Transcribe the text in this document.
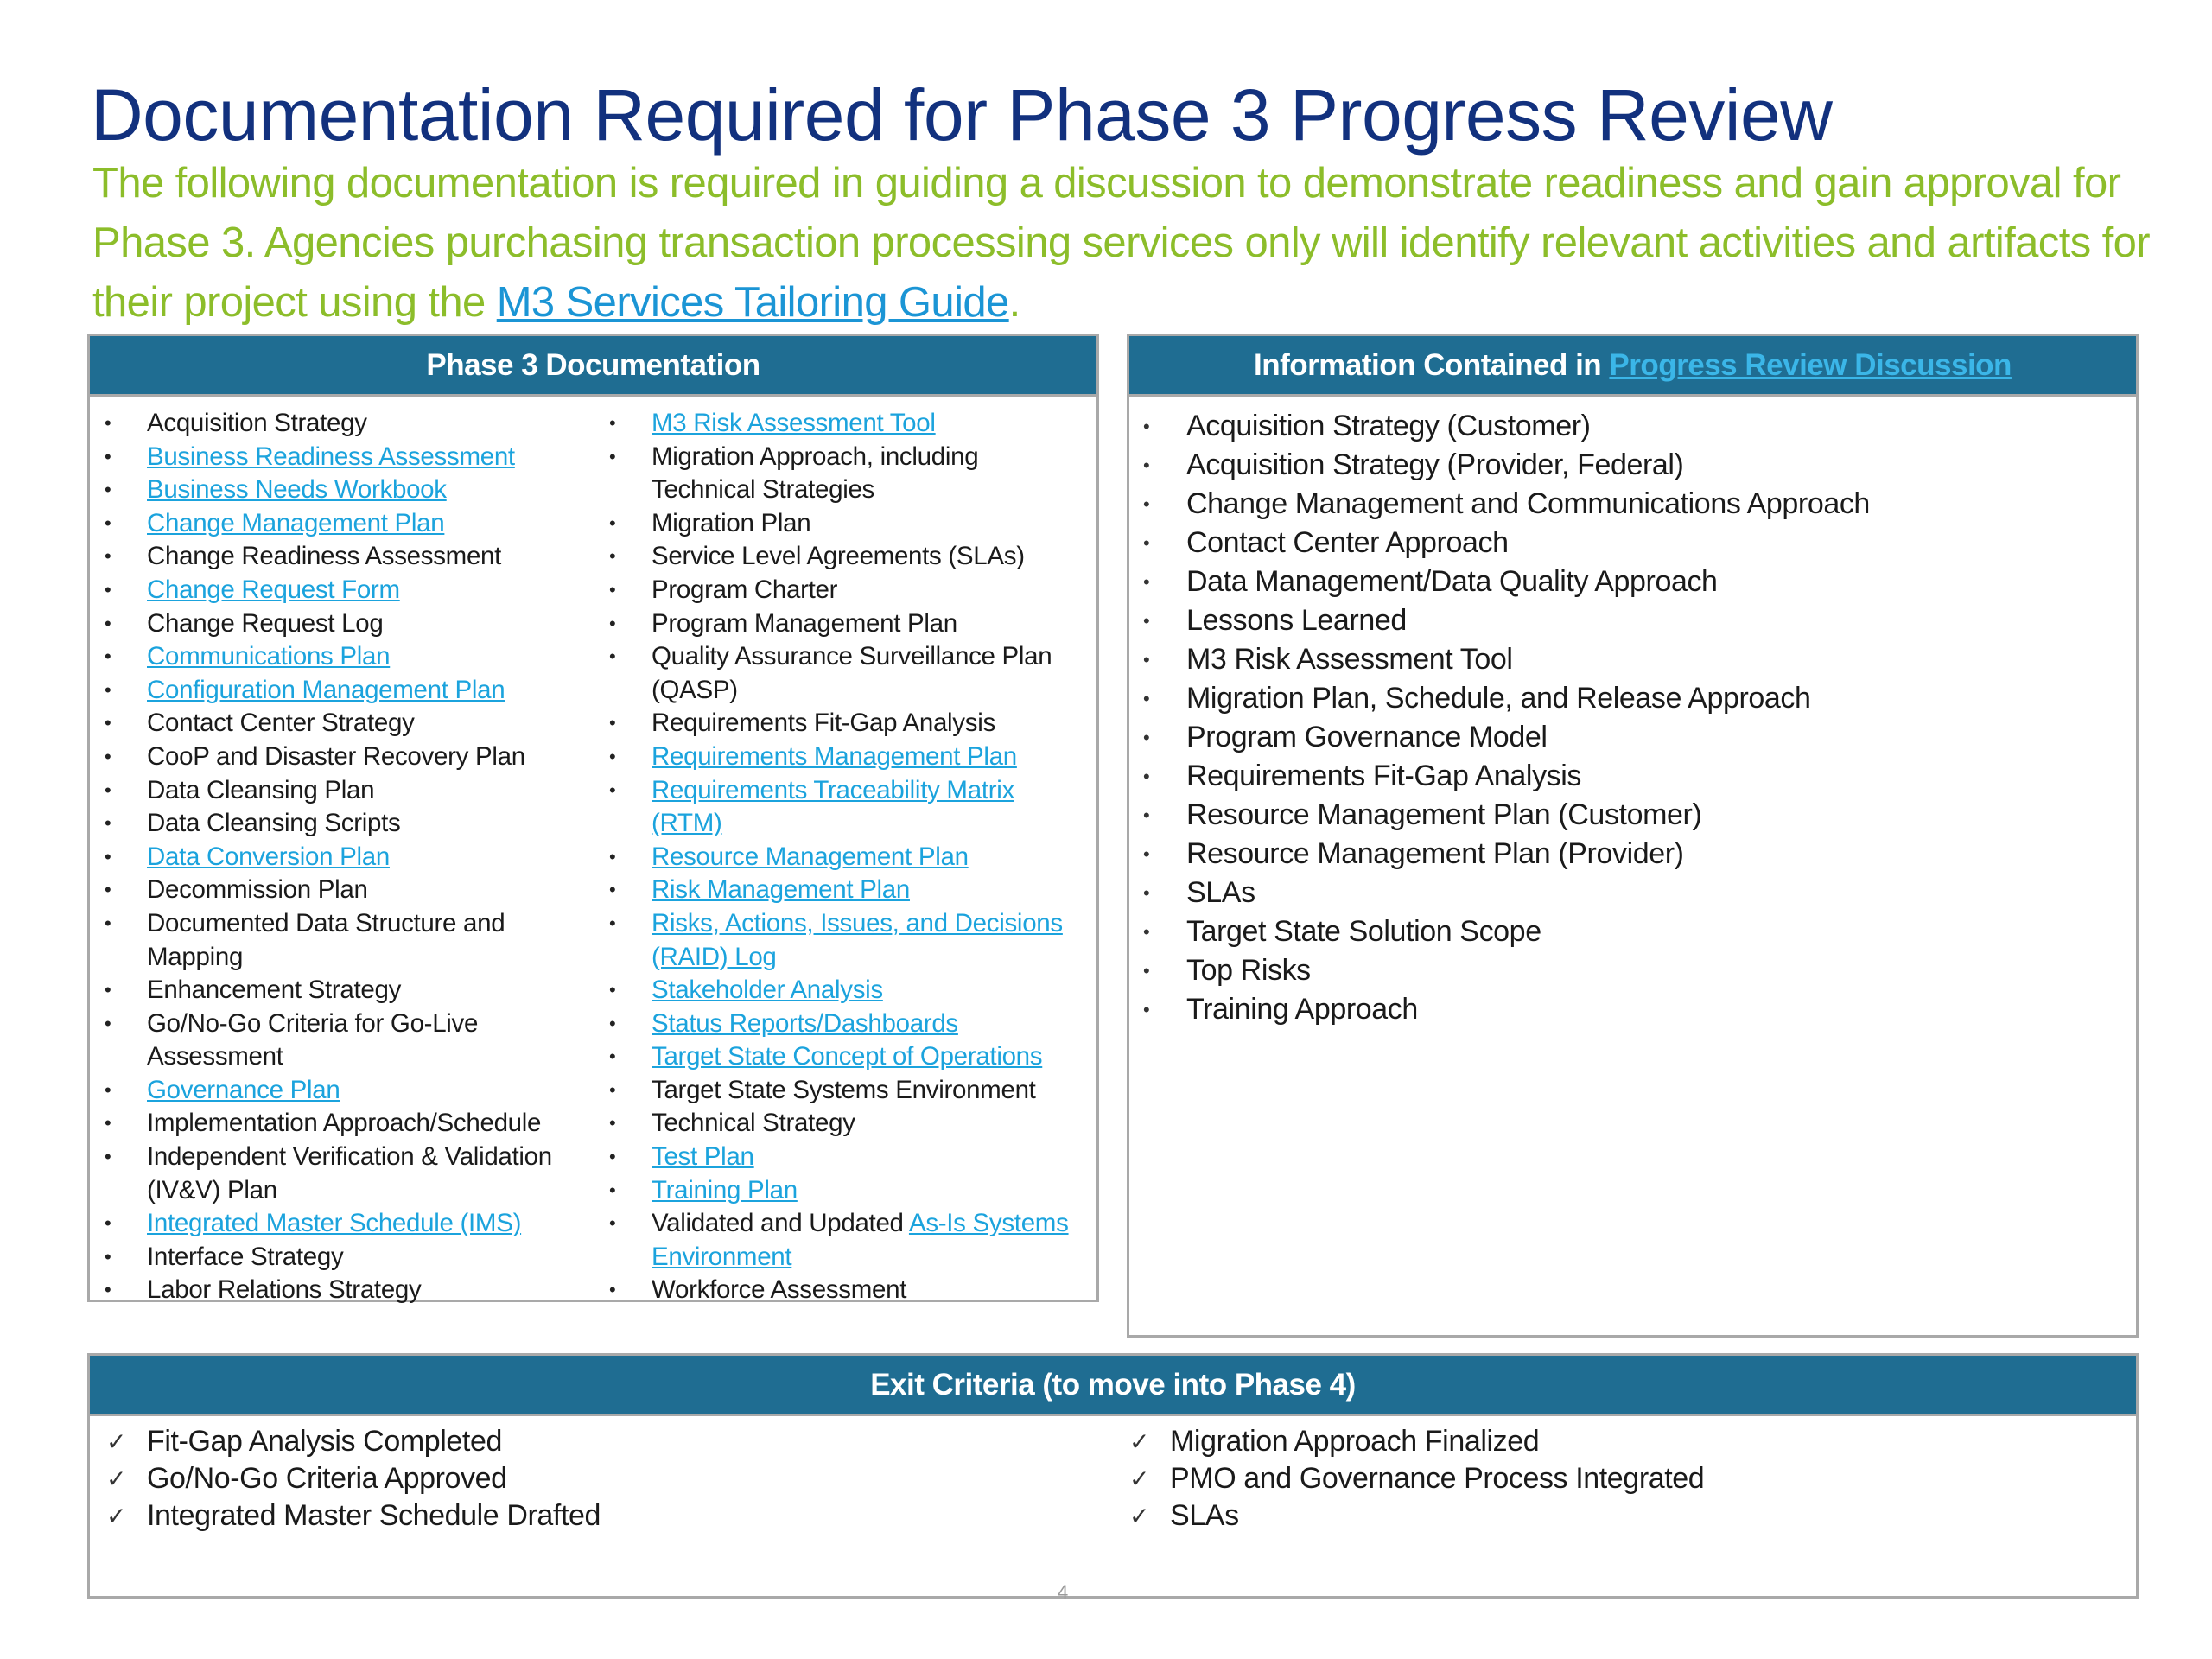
Documentation Required for Phase 3 Progress Review
The following documentation is required in guiding a discussion to demonstrate readiness and gain approval for Phase 3. Agencies purchasing transaction processing services only will identify relevant activities and artifacts for their project using the M3 Services Tailoring Guide.
Phase 3 Documentation
• Acquisition Strategy
• Business Readiness Assessment
• Business Needs Workbook
• Change Management Plan
• Change Readiness Assessment
• Change Request Form
• Change Request Log
• Communications Plan
• Configuration Management Plan
• Contact Center Strategy
• CooP and Disaster Recovery Plan
• Data Cleansing Plan
• Data Cleansing Scripts
• Data Conversion Plan
• Decommission Plan
• Documented Data Structure and Mapping
• Enhancement Strategy
• Go/No-Go Criteria for Go-Live Assessment
• Governance Plan
• Implementation Approach/Schedule
• Independent Verification & Validation (IV&V) Plan
• Integrated Master Schedule (IMS)
• Interface Strategy
• Labor Relations Strategy
• M3 Risk Assessment Tool
• Migration Approach, including Technical Strategies
• Migration Plan
• Service Level Agreements (SLAs)
• Program Charter
• Program Management Plan
• Quality Assurance Surveillance Plan (QASP)
• Requirements Fit-Gap Analysis
• Requirements Management Plan
• Requirements Traceability Matrix (RTM)
• Resource Management Plan
• Risk Management Plan
• Risks, Actions, Issues, and Decisions (RAID) Log
• Stakeholder Analysis
• Status Reports/Dashboards
• Target State Concept of Operations
• Target State Systems Environment
• Technical Strategy
• Test Plan
• Training Plan
• Validated and Updated As-Is Systems Environment
• Workforce Assessment
Information Contained in Progress Review Discussion
• Acquisition Strategy (Customer)
• Acquisition Strategy (Provider, Federal)
• Change Management and Communications Approach
• Contact Center Approach
• Data Management/Data Quality Approach
• Lessons Learned
• M3 Risk Assessment Tool
• Migration Plan, Schedule, and Release Approach
• Program Governance Model
• Requirements Fit-Gap Analysis
• Resource Management Plan (Customer)
• Resource Management Plan (Provider)
• SLAs
• Target State Solution Scope
• Top Risks
• Training Approach
Exit Criteria (to move into Phase 4)
✓ Fit-Gap Analysis Completed
✓ Go/No-Go Criteria Approved
✓ Integrated Master Schedule Drafted
✓ Migration Approach Finalized
✓ PMO and Governance Process Integrated
✓ SLAs
4
